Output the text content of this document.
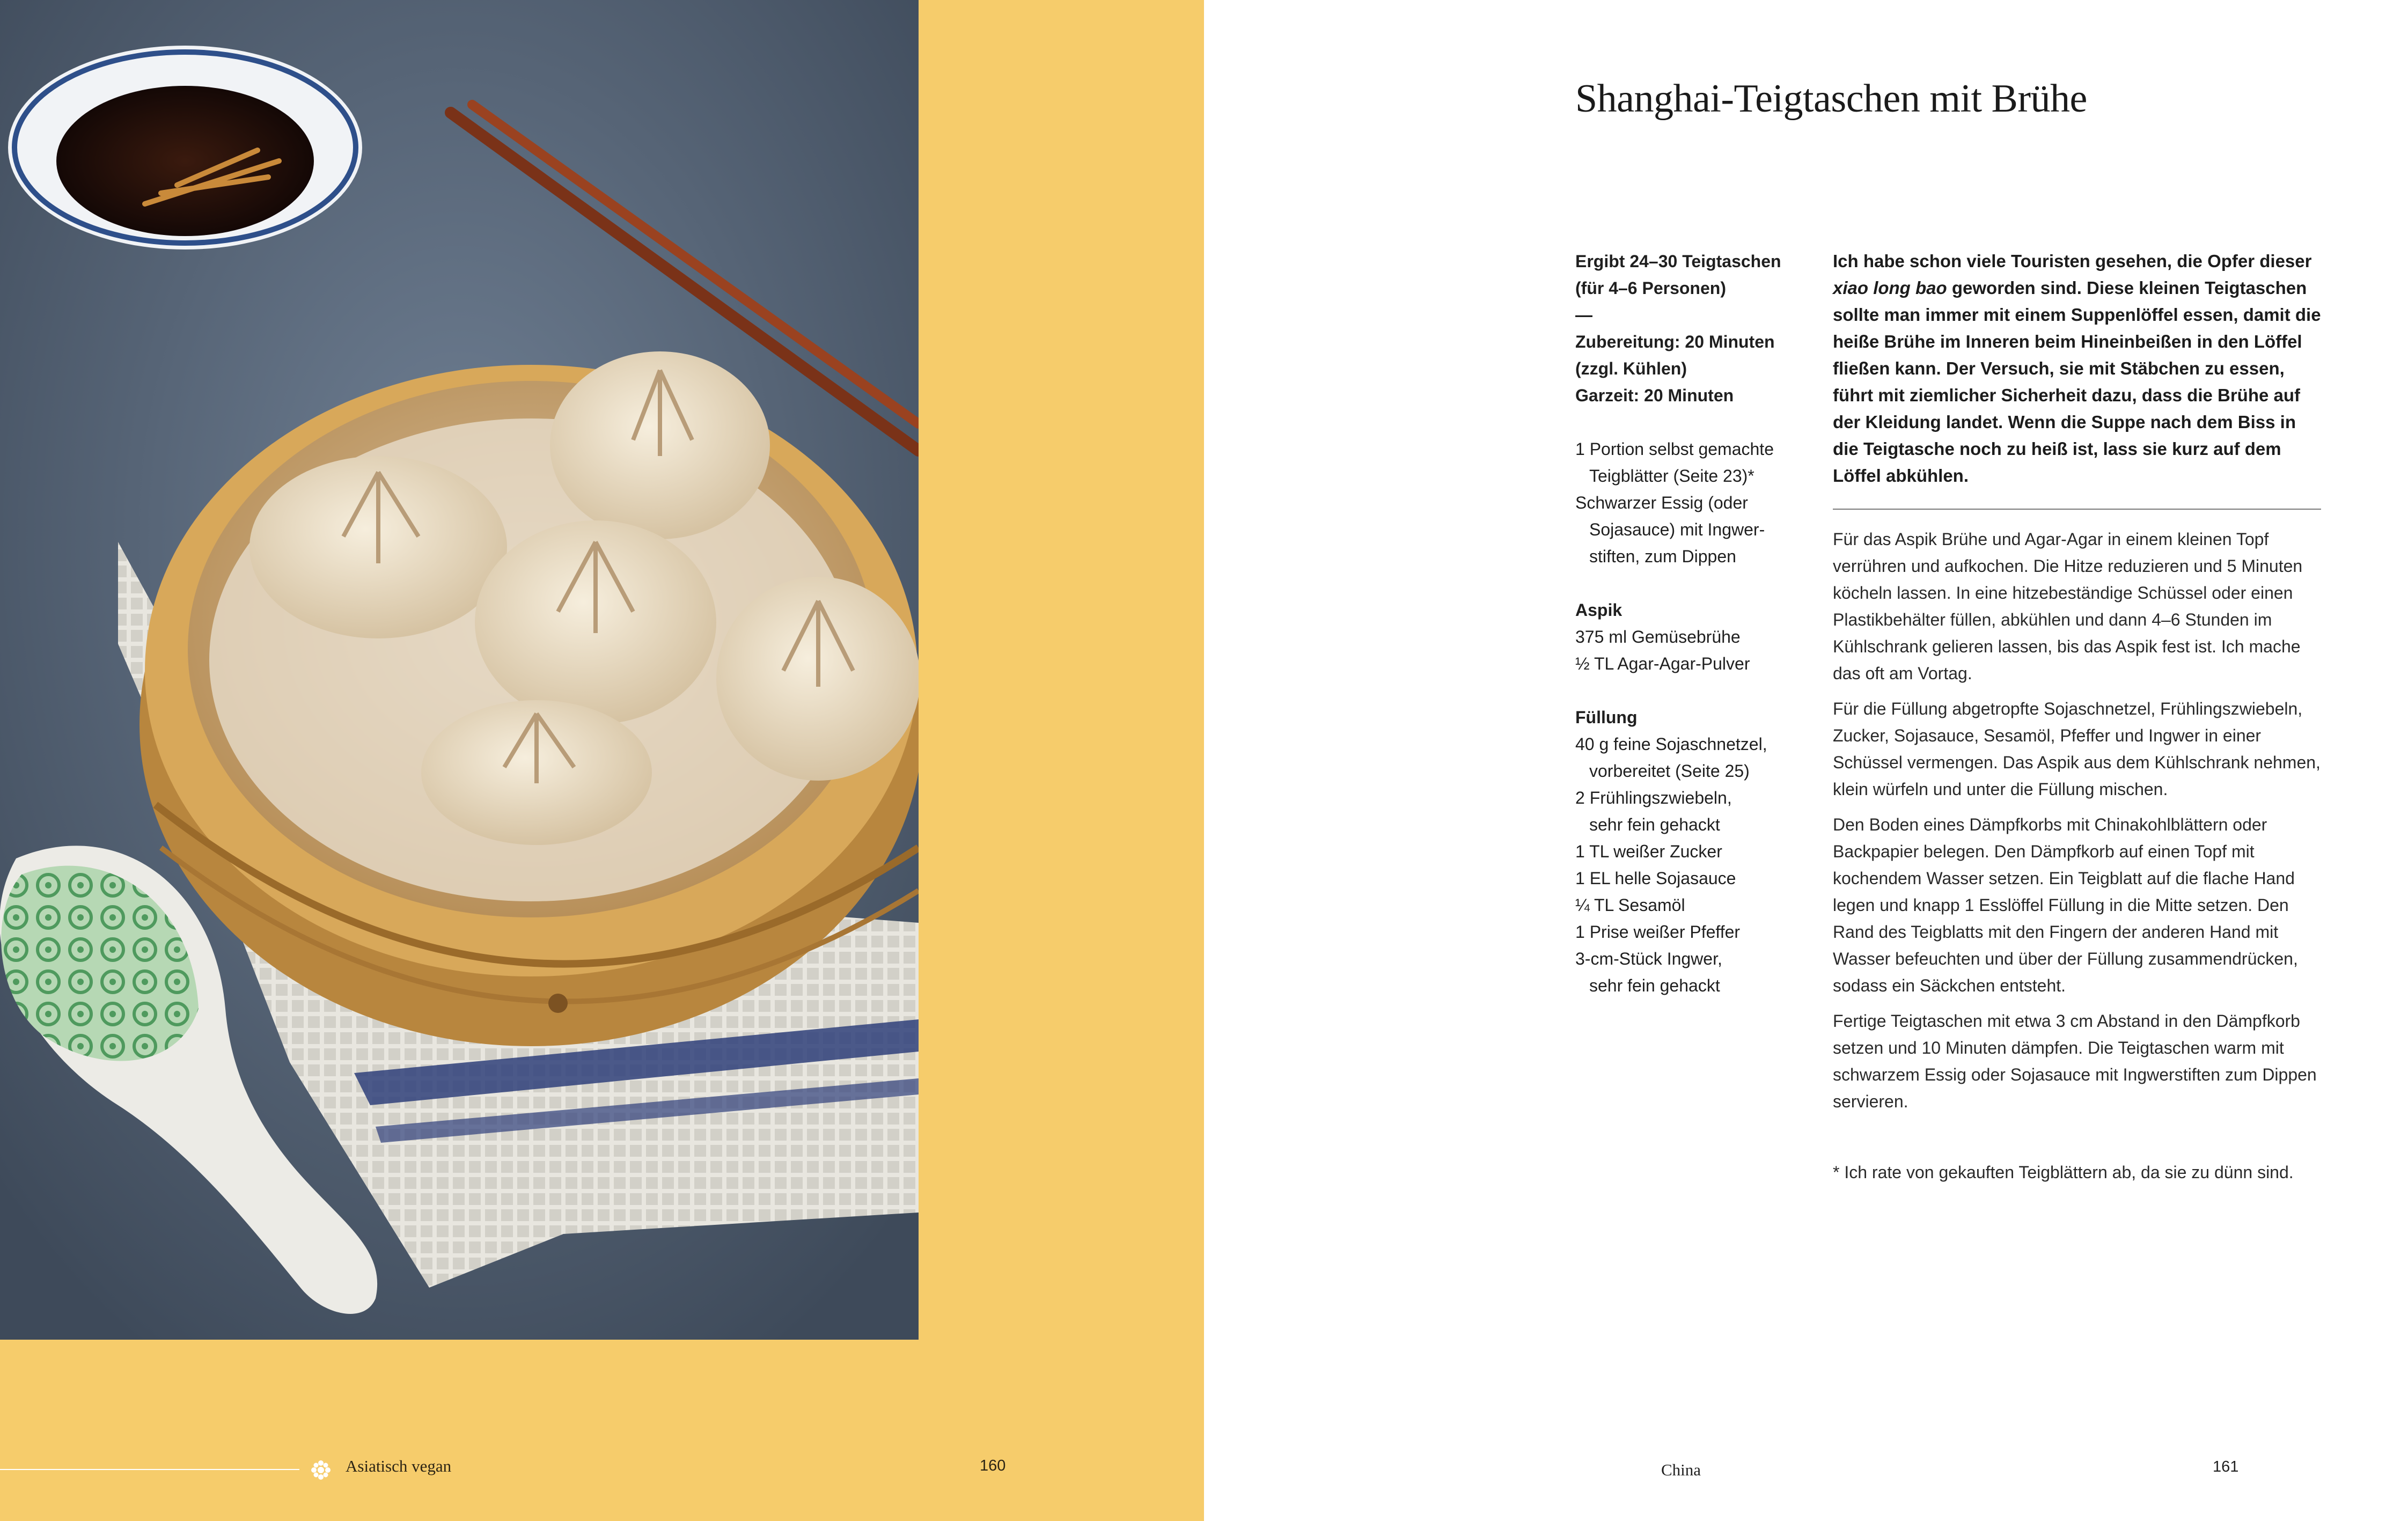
Asiatisch vegan	160
Shanghai-Teigtaschen mit Brühe
Ergibt 24–30 Teigtaschen
(für 4–6 Personen)
—
Zubereitung: 20 Minuten
(zzgl. Kühlen)
Garzeit: 20 Minuten
1 Portion selbst gemachte
Teigblätter (Seite 23)*
Schwarzer Essig (oder
Sojasauce) mit Ingwer-
stiften, zum Dippen
Aspik
375 ml Gemüsebrühe
½ TL Agar-Agar-Pulver
Füllung
40 g feine Sojaschnetzel,
vorbereitet (Seite 25)
2 Frühlingszwiebeln,
sehr fein gehackt
1 TL weißer Zucker
1 EL helle Sojasauce
¼ TL Sesamöl
1 Prise weißer Pfeffer
3-cm-Stück Ingwer,
sehr fein gehackt
Ich habe schon viele Touristen gesehen, die Opfer dieser xiao long bao geworden sind. Diese kleinen Teigtaschen sollte man immer mit einem Suppenlöffel essen, damit die heiße Brühe im Inneren beim Hineinbeißen in den Löffel fließen kann. Der Versuch, sie mit Stäbchen zu essen, führt mit ziemlicher Sicherheit dazu, dass die Brühe auf der Kleidung landet. Wenn die Suppe nach dem Biss in die Teigtasche noch zu heiß ist, lass sie kurz auf dem Löffel abkühlen.

Für das Aspik Brühe und Agar-Agar in einem kleinen Topf verrühren und aufkochen. Die Hitze reduzieren und 5 Minuten köcheln lassen. In eine hitzebeständige Schüssel oder einen Plastikbehälter füllen, abkühlen und dann 4–6 Stunden im Kühlschrank gelieren lassen, bis das Aspik fest ist. Ich mache das oft am Vortag.

Für die Füllung abgetropfte Sojaschnetzel, Frühlingszwiebeln, Zucker, Sojasauce, Sesamöl, Pfeffer und Ingwer in einer Schüssel vermengen. Das Aspik aus dem Kühlschrank nehmen, klein würfeln und unter die Füllung mischen.

Den Boden eines Dämpfkorbs mit Chinakohlblättern oder Backpapier belegen. Den Dämpfkorb auf einen Topf mit kochendem Wasser setzen. Ein Teigblatt auf die flache Hand legen und knapp 1 Esslöffel Füllung in die Mitte setzen. Den Rand des Teigblatts mit den Fingern der anderen Hand mit Wasser befeuchten und über der Füllung zusammendrücken, sodass ein Säckchen entsteht.

Fertige Teigtaschen mit etwa 3 cm Abstand in den Dämpfkorb setzen und 10 Minuten dämpfen. Die Teigtaschen warm mit schwarzem Essig oder Sojasauce mit Ingwerstiften zum Dippen servieren.

* Ich rate von gekauften Teigblättern ab, da sie zu dünn sind.
China	161
